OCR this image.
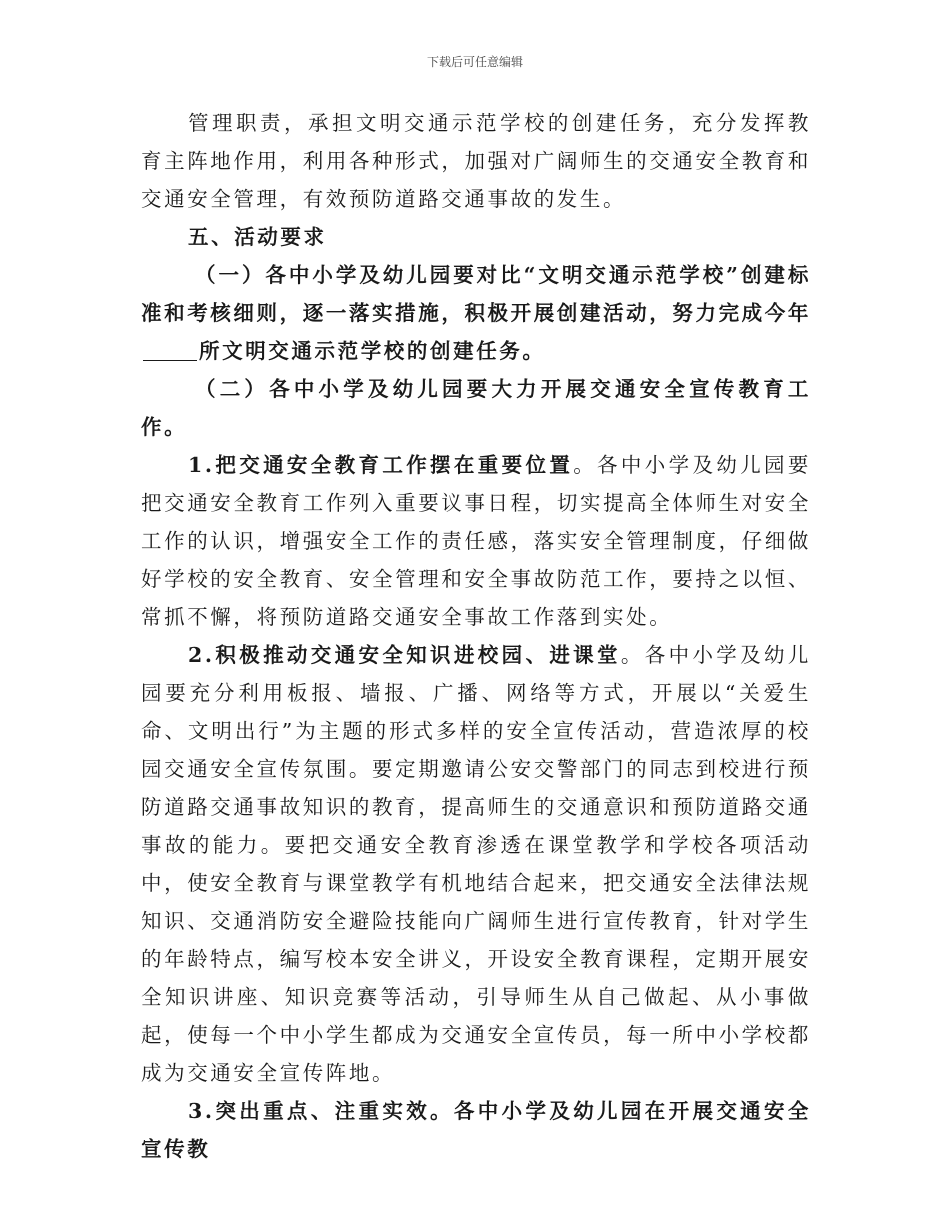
下载后可任意编辑

管理职责，承担文明交通示范学校的创建任务，充分发挥教育主阵地作用，利用各种形式，加强对广阔师生的交通安全教育和交通安全管理，有效预防道路交通事故的发生。

五、活动要求

（一）各中小学及幼儿园要对比“文明交通示范学校”创建标准和考核细则，逐一落实措施，积极开展创建活动，努力完成今年所文明交通示范学校的创建任务。

（二）各中小学及幼儿园要大力开展交通安全宣传教育工作。

1.把交通安全教育工作摆在重要位置。各中小学及幼儿园要把交通安全教育工作列入重要议事日程，切实提高全体师生对安全工作的认识，增强安全工作的责任感，落实安全管理制度，仔细做好学校的安全教育、安全管理和安全事故防范工作，要持之以恒、常抓不懈，将预防道路交通安全事故工作落到实处。

2.积极推动交通安全知识进校园、进课堂。各中小学及幼儿园要充分利用板报、墙报、广播、网络等方式，开展以“关爱生命、文明出行”为主题的形式多样的安全宣传活动，营造浓厚的校园交通安全宣传氛围。要定期邀请公安交警部门的同志到校进行预防道路交通事故知识的教育，提高师生的交通意识和预防道路交通事故的能力。要把交通安全教育渗透在课堂教学和学校各项活动中，使安全教育与课堂教学有机地结合起来，把交通安全法律法规知识、交通消防安全避险技能向广阔师生进行宣传教育，针对学生的年龄特点，编写校本安全讲义，开设安全教育课程，定期开展安全知识讲座、知识竞赛等活动，引导师生从自己做起、从小事做起，使每一个中小学生都成为交通安全宣传员，每一所中小学校都成为交通安全宣传阵地。

3.突出重点、注重实效。各中小学及幼儿园在开展交通安全宣传教
